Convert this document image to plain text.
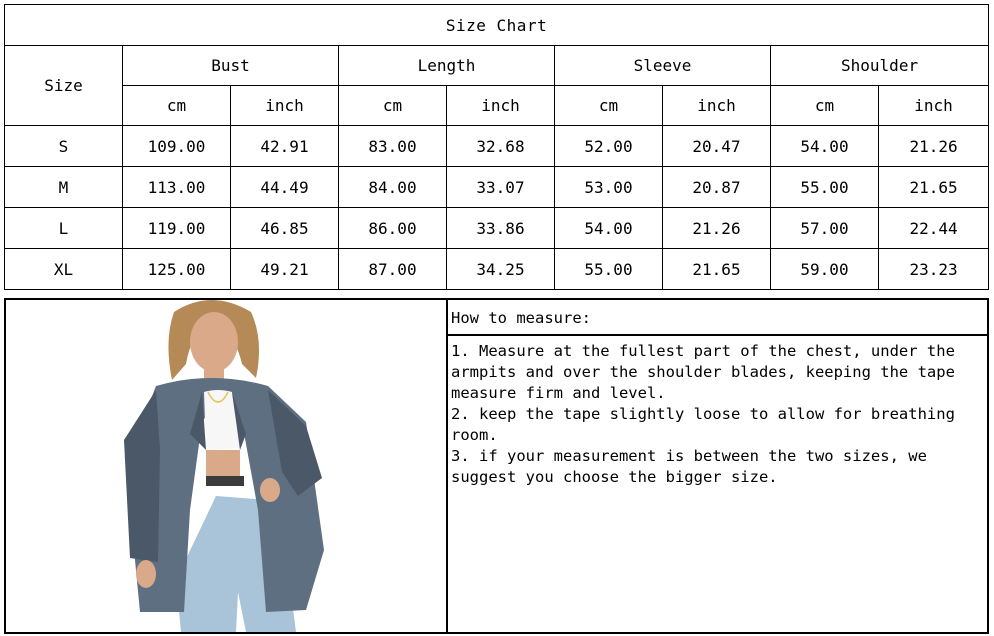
Size Chart								
Size	Bust		Length		Sleeve		Shoulder	
	cm	inch	cm	inch	cm	inch	cm	inch
S	109.00	42.91	83.00	32.68	52.00	20.47	54.00	21.26
M	113.00	44.49	84.00	33.07	53.00	20.87	55.00	21.65
L	119.00	46.85	86.00	33.86	54.00	21.26	57.00	22.44
XL	125.00	49.21	87.00	34.25	55.00	21.65	59.00	23.23
How to measure:

1. Measure at the fullest part of the chest, under the armpits and over the shoulder blades, keeping the tape measure firm and level.

2. keep the tape slightly loose to allow for breathing room.

3. if your measurement is between the two sizes, we suggest you choose the bigger size.
